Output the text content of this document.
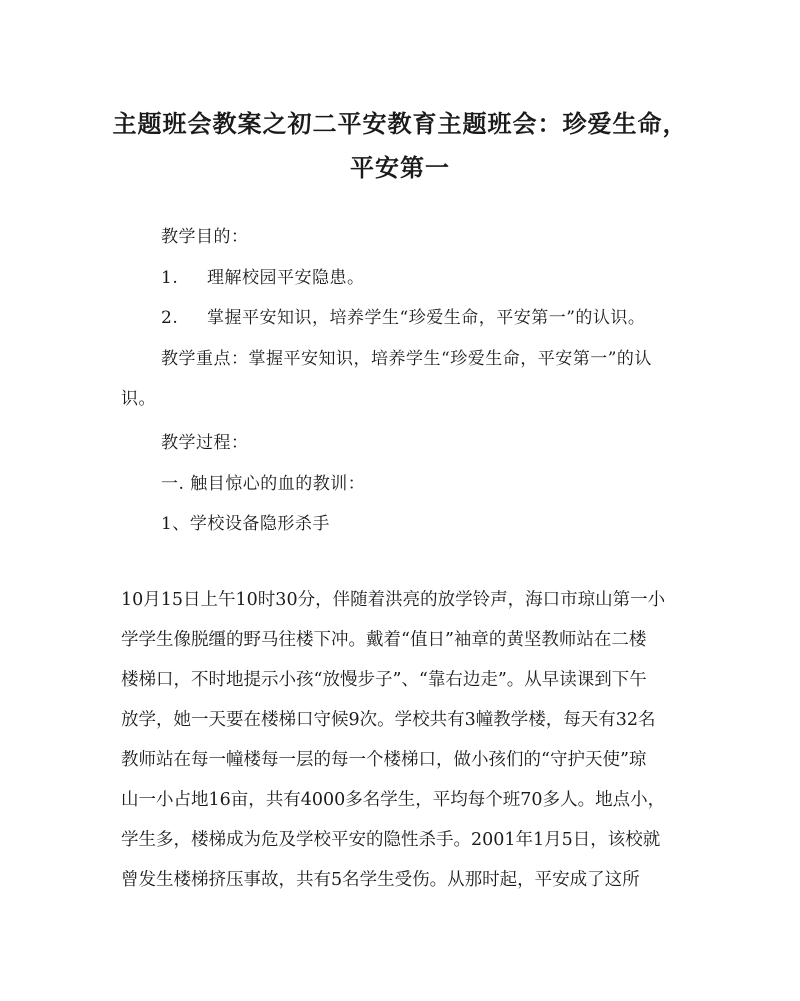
主题班会教案之初二平安教育主题班会：珍爱生命，
平安第一
教学目的：
1. 理解校园平安隐患。
2. 掌握平安知识，培养学生“珍爱生命，平安第一”的认识。
教学重点：掌握平安知识，培养学生“珍爱生命，平安第一”的认
识。
教学过程：
一. 触目惊心的血的教训：
1、学校设备隐形杀手

10月15日上午10时30分，伴随着洪亮的放学铃声，海口市琼山第一小

学学生像脱缰的野马往楼下冲。戴着“值日”袖章的黄坚教师站在二楼

楼梯口，不时地提示小孩“放慢步子”、“靠右边走”。从早读课到下午

放学，她一天要在楼梯口守候9次。学校共有3幢教学楼，每天有32名

教师站在每一幢楼每一层的每一个楼梯口，做小孩们的“守护天使”琼

山一小占地16亩，共有4000多名学生，平均每个班70多人。地点小，

学生多，楼梯成为危及学校平安的隐性杀手。2001年1月5日，该校就

曾发生楼梯挤压事故，共有5名学生受伤。从那时起，平安成了这所
